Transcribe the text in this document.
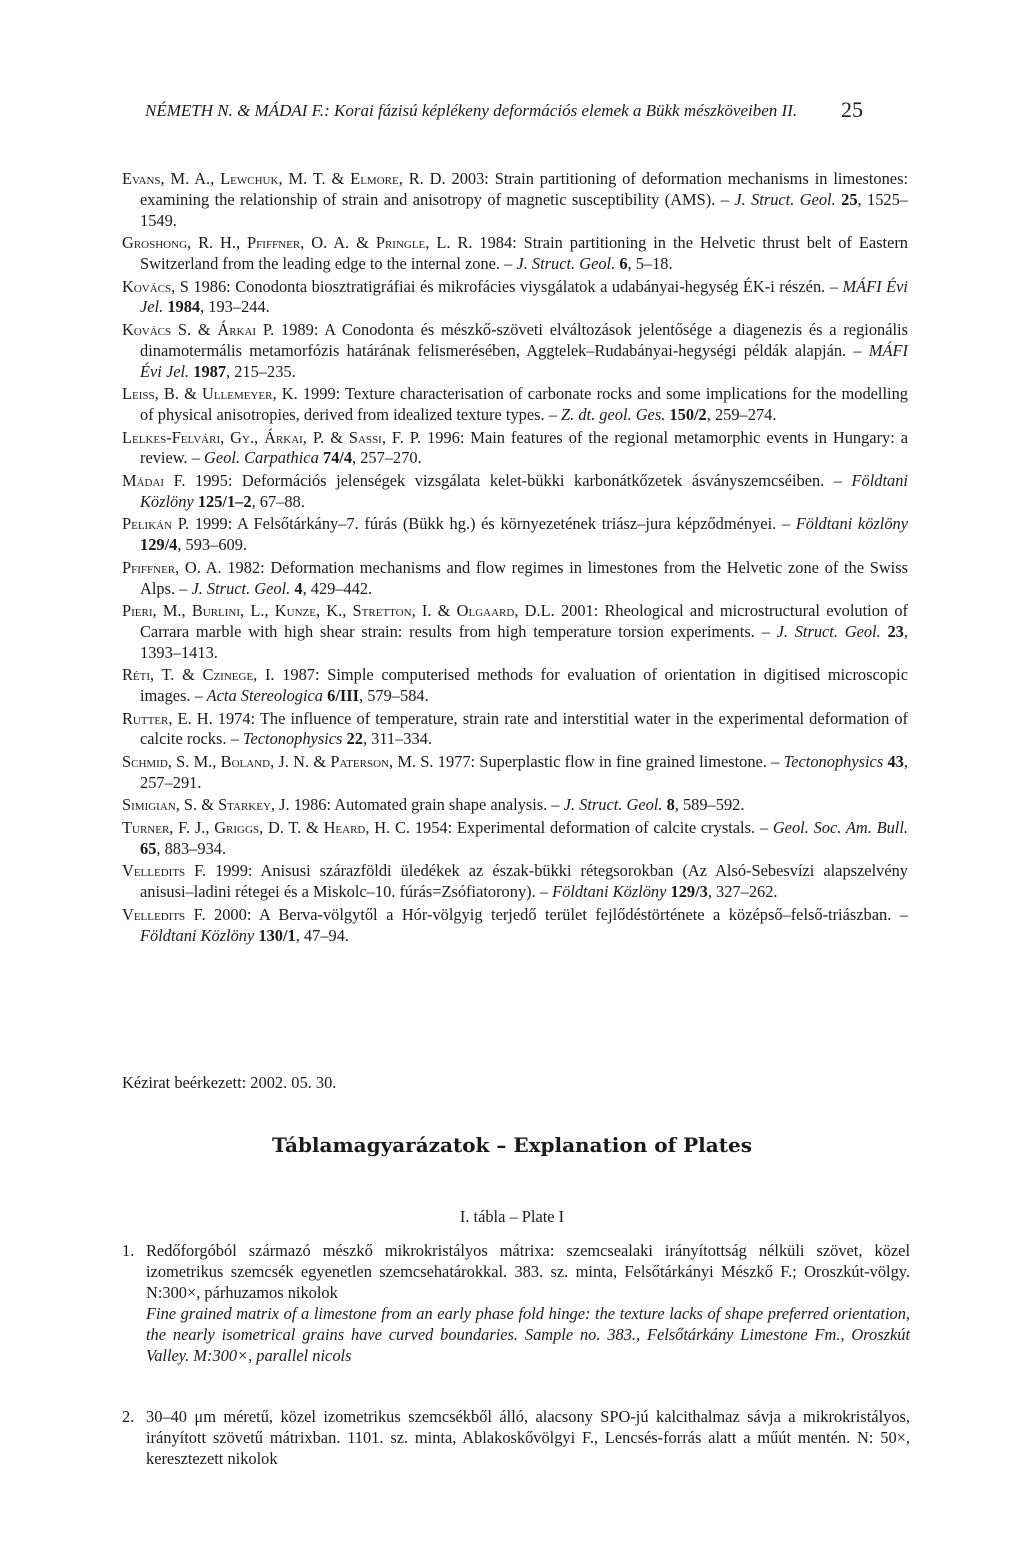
NÉMETH N. & MÁDAI F.: Korai fázisú képlékeny deformációs elemek a Bükk mészköveiben II. 25
Evans, M. A., Lewchuk, M. T. & Elmore, R. D. 2003: Strain partitioning of deformation mechanisms in limestones: examining the relationship of strain and anisotropy of magnetic susceptibility (AMS). – J. Struct. Geol. 25, 1525–1549.
Groshong, R. H., Pfiffner, O. A. & Pringle, L. R. 1984: Strain partitioning in the Helvetic thrust belt of Eastern Switzerland from the leading edge to the internal zone. – J. Struct. Geol. 6, 5–18.
Kovács, S 1986: Conodonta biosztratigráfiai és mikrofácies viysgálatok a udabányai-hegység ÉK-i részén. – MÁFI Évi Jel. 1984, 193–244.
Kovács S. & Árkai P. 1989: A Conodonta és mészkő-szöveti elváltozások jelentősége a diagenezis és a regionális dinamotermális metamorfózis határának felismerésében, Aggtelek–Rudabányai-hegységi példák alapján. – MÁFI Évi Jel. 1987, 215–235.
Leiss, B. & Ullemeyer, K. 1999: Texture characterisation of carbonate rocks and some implications for the modelling of physical anisotropies, derived from idealized texture types. – Z. dt. geol. Ges. 150/2, 259–274.
Lelkes-Felvári, Gy., Árkai, P. & Sassi, F. P. 1996: Main features of the regional metamorphic events in Hungary: a review. – Geol. Carpathica 74/4, 257–270.
Mádai F. 1995: Deformációs jelenségek vizsgálata kelet-bükki karbonátkőzetek ásványszemcséiben. – Földtani Közlöny 125/1–2, 67–88.
Pelikán P. 1999: A Felsőtárkány–7. fúrás (Bükk hg.) és környezetének triász–jura képződményei. – Földtani közlöny 129/4, 593–609.
Pfiffner, O. A. 1982: Deformation mechanisms and flow regimes in limestones from the Helvetic zone of the Swiss Alps. – J. Struct. Geol. 4, 429–442.
Pieri, M., Burlini, L., Kunze, K., Stretton, I. & Olgaard, D.L. 2001: Rheological and microstructural evolution of Carrara marble with high shear strain: results from high temperature torsion experiments. – J. Struct. Geol. 23, 1393–1413.
Réti, T. & Czinege, I. 1987: Simple computerised methods for evaluation of orientation in digitised microscopic images. – Acta Stereologica 6/III, 579–584.
Rutter, E. H. 1974: The influence of temperature, strain rate and interstitial water in the experimental deformation of calcite rocks. – Tectonophysics 22, 311–334.
Schmid, S. M., Boland, J. N. & Paterson, M. S. 1977: Superplastic flow in fine grained limestone. – Tectonophysics 43, 257–291.
Simigian, S. & Starkey, J. 1986: Automated grain shape analysis. – J. Struct. Geol. 8, 589–592.
Turner, F. J., Griggs, D. T. & Heard, H. C. 1954: Experimental deformation of calcite crystals. – Geol. Soc. Am. Bull. 65, 883–934.
Velledits F. 1999: Anisusi szárazföldi üledékek az észak-bükki rétegsorokban (Az Alsó-Sebesvízi alapszelvény anisusi–ladini rétegei és a Miskolc–10. fúrás=Zsófiatorony). – Földtani Közlöny 129/3, 327–262.
Velledits F. 2000: A Berva-völgytől a Hór-völgyig terjedő terület fejlődéstörténete a középső–felső-triászban. – Földtani Közlöny 130/1, 47–94.
Kézirat beérkezett: 2002. 05. 30.
Táblamagyarázatok – Explanation of Plates
I. tábla – Plate I
1. Redőforgóból származó mészkő mikrokristályos mátrixa: szemcsealaki irányítottság nélküli szövet, közel izometrikus szemcsék egyenetlen szemcsehatárokkal. 383. sz. minta, Felsőtárkányi Mészkő F.; Oroszkút-völgy. N:300×, párhuzamos nikolok
Fine grained matrix of a limestone from an early phase fold hinge: the texture lacks of shape preferred orientation, the nearly isometrical grains have curved boundaries. Sample no. 383., Felsőtárkány Limestone Fm., Oroszkút Valley. M:300×, parallel nicols
2. 30–40 μm méretű, közel izometrikus szemcsékből álló, alacsony SPO-jú kalcithalmaz sávja a mikrokristályos, irányított szövetű mátrixban. 1101. sz. minta, Ablakoskővölgyi F., Lencsés-forrás alatt a műút mentén. N: 50×, keresztezett nikolok
